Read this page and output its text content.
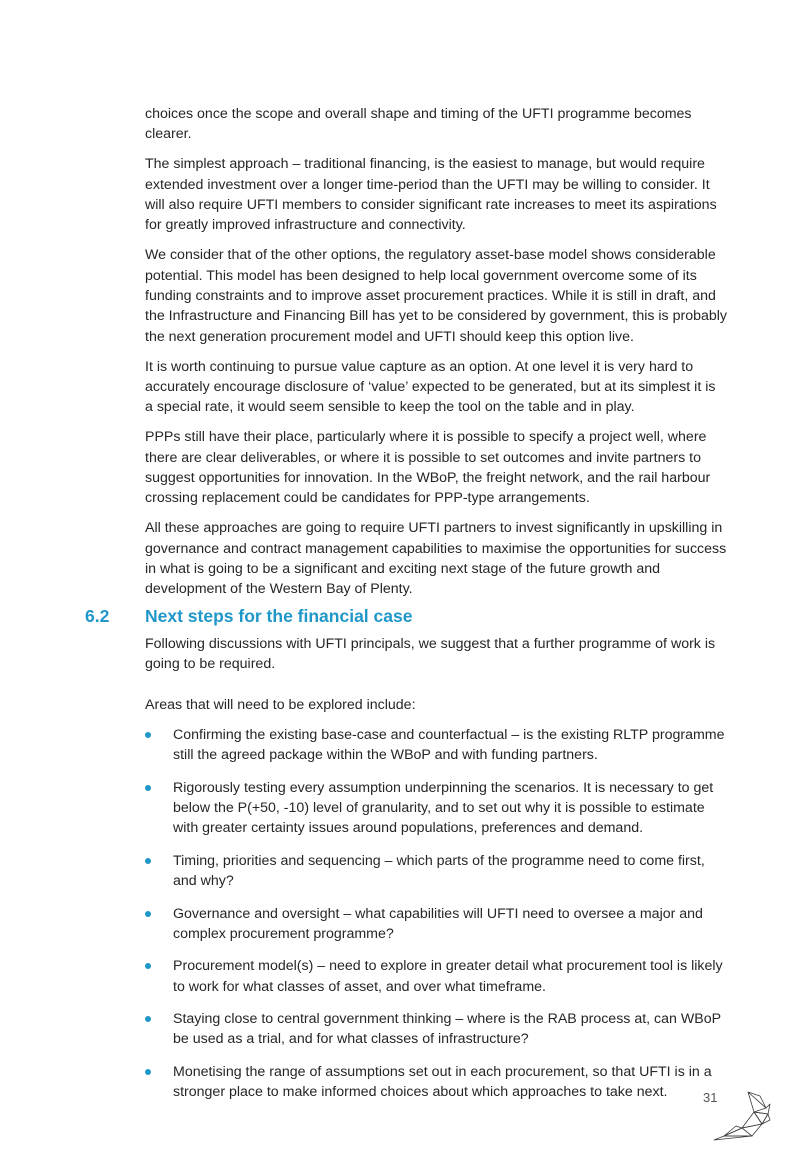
choices once the scope and overall shape and timing of the UFTI programme becomes clearer.

The simplest approach – traditional financing, is the easiest to manage, but would require extended investment over a longer time-period than the UFTI may be willing to consider. It will also require UFTI members to consider significant rate increases to meet its aspirations for greatly improved infrastructure and connectivity.

We consider that of the other options, the regulatory asset-base model shows considerable potential. This model has been designed to help local government overcome some of its funding constraints and to improve asset procurement practices. While it is still in draft, and the Infrastructure and Financing Bill has yet to be considered by government, this is probably the next generation procurement model and UFTI should keep this option live.

It is worth continuing to pursue value capture as an option. At one level it is very hard to accurately encourage disclosure of ‘value’ expected to be generated, but at its simplest it is a special rate, it would seem sensible to keep the tool on the table and in play.

PPPs still have their place, particularly where it is possible to specify a project well, where there are clear deliverables, or where it is possible to set outcomes and invite partners to suggest opportunities for innovation. In the WBoP, the freight network, and the rail harbour crossing replacement could be candidates for PPP-type arrangements.

All these approaches are going to require UFTI partners to invest significantly in upskilling in governance and contract management capabilities to maximise the opportunities for success in what is going to be a significant and exciting next stage of the future growth and development of the Western Bay of Plenty.

6.2 Next steps for the financial case

Following discussions with UFTI principals, we suggest that a further programme of work is going to be required.

Areas that will need to be explored include:

Confirming the existing base-case and counterfactual – is the existing RLTP programme still the agreed package within the WBoP and with funding partners.
Rigorously testing every assumption underpinning the scenarios. It is necessary to get below the P(+50, -10) level of granularity, and to set out why it is possible to estimate with greater certainty issues around populations, preferences and demand.
Timing, priorities and sequencing – which parts of the programme need to come first, and why?
Governance and oversight – what capabilities will UFTI need to oversee a major and complex procurement programme?
Procurement model(s) – need to explore in greater detail what procurement tool is likely to work for what classes of asset, and over what timeframe.
Staying close to central government thinking – where is the RAB process at, can WBoP be used as a trial, and for what classes of infrastructure?
Monetising the range of assumptions set out in each procurement, so that UFTI is in a stronger place to make informed choices about which approaches to take next.	31
